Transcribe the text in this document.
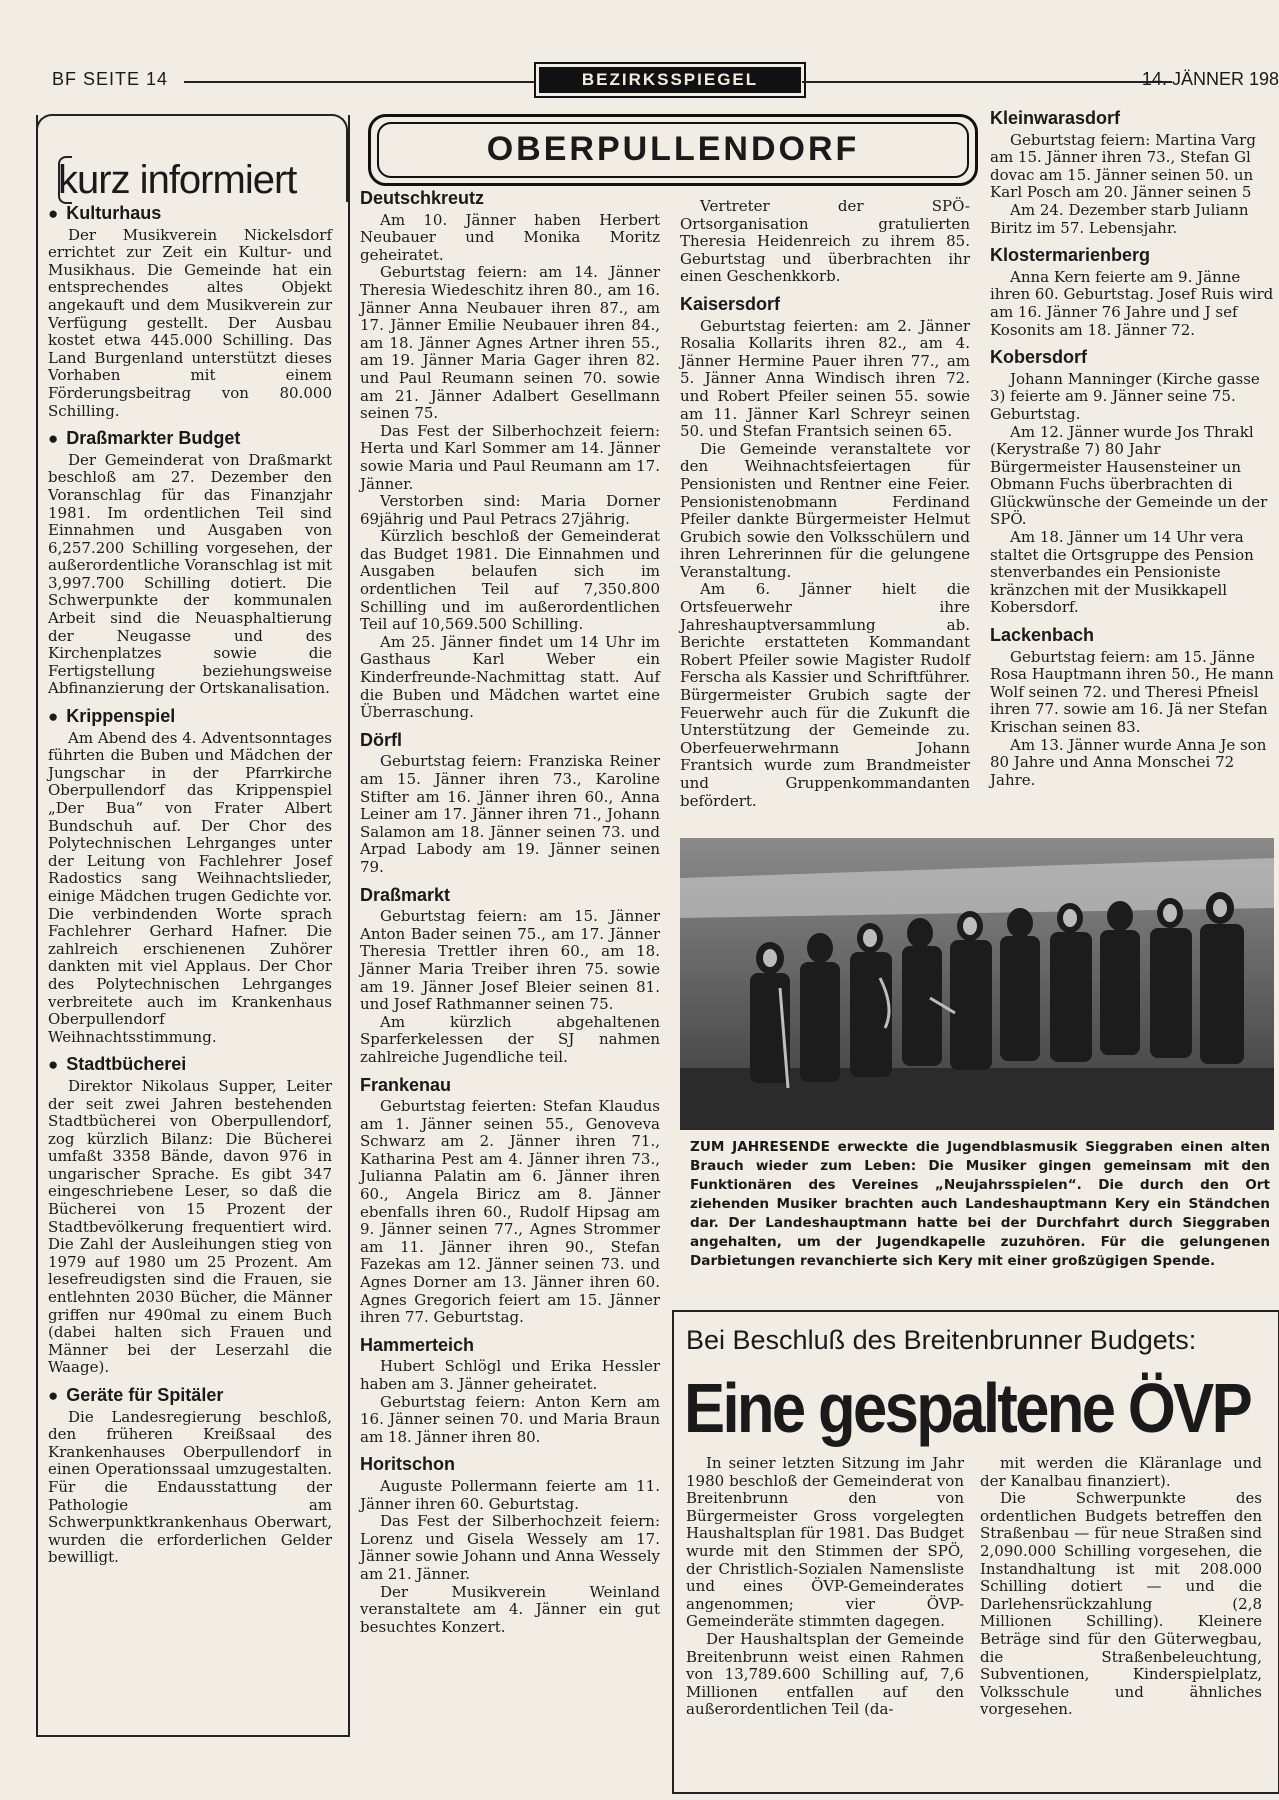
BF SEITE 14	BEZIRKSSPIEGEL	14. JÄNNER 198
kurz informiert
● Kulturhaus

Der Musikverein Nickelsdorf errichtet zur Zeit ein Kultur- und Musikhaus. Die Gemeinde hat ein entsprechendes altes Objekt angekauft und dem Musikverein zur Verfügung gestellt. Der Ausbau kostet etwa 445.000 Schilling. Das Land Burgenland unterstützt dieses Vorhaben mit einem Förderungsbeitrag von 80.000 Schilling.

● Draßmarkter Budget

Der Gemeinderat von Draßmarkt beschloß am 27. Dezember den Voranschlag für das Finanzjahr 1981. Im ordentlichen Teil sind Einnahmen und Ausgaben von 6,257.200 Schilling vorgesehen, der außerordentliche Voranschlag ist mit 3,997.700 Schilling dotiert. Die Schwerpunkte der kommunalen Arbeit sind die Neuasphaltierung der Neugasse und des Kirchenplatzes sowie die Fertigstellung beziehungsweise Abfinanzierung der Ortskanalisation.

● Krippenspiel

Am Abend des 4. Adventsonntages führten die Buben und Mädchen der Jungschar in der Pfarrkirche Oberpullendorf das Krippenspiel „Der Bua“ von Frater Albert Bundschuh auf. Der Chor des Polytechnischen Lehrganges unter der Leitung von Fachlehrer Josef Radostics sang Weihnachtslieder, einige Mädchen trugen Gedichte vor. Die verbindenden Worte sprach Fachlehrer Gerhard Hafner. Die zahlreich erschienenen Zuhörer dankten mit viel Applaus. Der Chor des Polytechnischen Lehrganges verbreitete auch im Krankenhaus Oberpullendorf Weihnachtsstimmung.

● Stadtbücherei

Direktor Nikolaus Supper, Leiter der seit zwei Jahren bestehenden Stadtbücherei von Oberpullendorf, zog kürzlich Bilanz: Die Bücherei umfaßt 3358 Bände, davon 976 in ungarischer Sprache. Es gibt 347 eingeschriebene Leser, so daß die Bücherei von 15 Prozent der Stadtbevölkerung frequentiert wird. Die Zahl der Ausleihungen stieg von 1979 auf 1980 um 25 Prozent. Am lesefreudigsten sind die Frauen, sie entlehnten 2030 Bücher, die Männer griffen nur 490mal zu einem Buch (dabei halten sich Frauen und Männer bei der Leserzahl die Waage).

● Geräte für Spitäler

Die Landesregierung beschloß, den früheren Kreißsaal des Krankenhauses Oberpullendorf in einen Operationssaal umzugestalten. Für die Endausstattung der Pathologie am Schwerpunktkrankenhaus Oberwart, wurden die erforderlichen Gelder bewilligt.

OBERPULLENDORF
Deutschkreutz

Am 10. Jänner haben Herbert Neubauer und Monika Moritz geheiratet.

Geburtstag feiern: am 14. Jänner Theresia Wiedeschitz ihren 80., am 16. Jänner Anna Neubauer ihren 87., am 17. Jänner Emilie Neubauer ihren 84., am 18. Jänner Agnes Artner ihren 55., am 19. Jänner Maria Gager ihren 82. und Paul Reumann seinen 70. sowie am 21. Jänner Adalbert Gesellmann seinen 75.

Das Fest der Silberhochzeit feiern: Herta und Karl Sommer am 14. Jänner sowie Maria und Paul Reumann am 17. Jänner.

Verstorben sind: Maria Dorner 69jährig und Paul Petracs 27jährig.

Kürzlich beschloß der Gemeinderat das Budget 1981. Die Einnahmen und Ausgaben belaufen sich im ordentlichen Teil auf 7,350.800 Schilling und im außerordentlichen Teil auf 10,569.500 Schilling.

Am 25. Jänner findet um 14 Uhr im Gasthaus Karl Weber ein Kinderfreunde-Nachmittag statt. Auf die Buben und Mädchen wartet eine Überraschung.

Dörfl

Geburtstag feiern: Franziska Reiner am 15. Jänner ihren 73., Karoline Stifter am 16. Jänner ihren 60., Anna Leiner am 17. Jänner ihren 71., Johann Salamon am 18. Jänner seinen 73. und Arpad Labody am 19. Jänner seinen 79.

Draßmarkt

Geburtstag feiern: am 15. Jänner Anton Bader seinen 75., am 17. Jänner Theresia Trettler ihren 60., am 18. Jänner Maria Treiber ihren 75. sowie am 19. Jänner Josef Bleier seinen 81. und Josef Rathmanner seinen 75.

Am kürzlich abgehaltenen Sparferkelessen der SJ nahmen zahlreiche Jugendliche teil.

Frankenau

Geburtstag feierten: Stefan Klaudus am 1. Jänner seinen 55., Genoveva Schwarz am 2. Jänner ihren 71., Katharina Pest am 4. Jänner ihren 73., Julianna Palatin am 6. Jänner ihren 60., Angela Biricz am 8. Jänner ebenfalls ihren 60., Rudolf Hipsag am 9. Jänner seinen 77., Agnes Strommer am 11. Jänner ihren 90., Stefan Fazekas am 12. Jänner seinen 73. und Agnes Dorner am 13. Jänner ihren 60. Agnes Gregorich feiert am 15. Jänner ihren 77. Geburtstag.

Hammerteich

Hubert Schlögl und Erika Hessler haben am 3. Jänner geheiratet.

Geburtstag feiern: Anton Kern am 16. Jänner seinen 70. und Maria Braun am 18. Jänner ihren 80.

Horitschon

Auguste Pollermann feierte am 11. Jänner ihren 60. Geburtstag.

Das Fest der Silberhochzeit feiern: Lorenz und Gisela Wessely am 17. Jänner sowie Johann und Anna Wessely am 21. Jänner.

Der Musikverein Weinland veranstaltete am 4. Jänner ein gut besuchtes Konzert.

Vertreter der SPÖ-Ortsorganisation gratulierten Theresia Heidenreich zu ihrem 85. Geburtstag und überbrachten ihr einen Geschenkkorb.

Kaisersdorf

Geburtstag feierten: am 2. Jänner Rosalia Kollarits ihren 82., am 4. Jänner Hermine Pauer ihren 77., am 5. Jänner Anna Windisch ihren 72. und Robert Pfeiler seinen 55. sowie am 11. Jänner Karl Schreyr seinen 50. und Stefan Frantsich seinen 65.

Die Gemeinde veranstaltete vor den Weihnachtsfeiertagen für Pensionisten und Rentner eine Feier. Pensionistenobmann Ferdinand Pfeiler dankte Bürgermeister Helmut Grubich sowie den Volksschülern und ihren Lehrerinnen für die gelungene Veranstaltung.

Am 6. Jänner hielt die Ortsfeuerwehr ihre Jahreshauptversammlung ab. Berichte erstatteten Kommandant Robert Pfeiler sowie Magister Rudolf Ferscha als Kassier und Schriftführer. Bürgermeister Grubich sagte der Feuerwehr auch für die Zukunft die Unterstützung der Gemeinde zu. Oberfeuerwehrmann Johann Frantsich wurde zum Brandmeister und Gruppenkommandanten befördert.

Kleinwarasdorf

Geburtstag feiern: Martina Varg am 15. Jänner ihren 73., Stefan Gl dovac am 15. Jänner seinen 50. un Karl Posch am 20. Jänner seinen 5

Am 24. Dezember starb Juliann Biritz im 57. Lebensjahr.

Klostermarienberg

Anna Kern feierte am 9. Jänne ihren 60. Geburtstag. Josef Ruis wird am 16. Jänner 76 Jahre und J sef Kosonits am 18. Jänner 72.

Kobersdorf

Johann Manninger (Kirche gasse 3) feierte am 9. Jänner seine 75. Geburtstag.

Am 12. Jänner wurde Jos Thrakl (Kerystraße 7) 80 Jahr Bürgermeister Hausensteiner un Obmann Fuchs überbrachten di Glückwünsche der Gemeinde un der SPÖ.

Am 18. Jänner um 14 Uhr vera staltet die Ortsgruppe des Pension stenverbandes ein Pensioniste kränzchen mit der Musikkapell Kobersdorf.

Lackenbach

Geburtstag feiern: am 15. Jänne Rosa Hauptmann ihren 50., He mann Wolf seinen 72. und Theresi Pfneisl ihren 77. sowie am 16. Jä ner Stefan Krischan seinen 83.

Am 13. Jänner wurde Anna Je son 80 Jahre und Anna Monschei 72 Jahre.

ZUM JAHRESENDE erweckte die Jugendblasmusik Sieggraben einen alten Brauch wieder zum Leben: Die Musiker gingen gemeinsam mit den Funktionären des Vereines „Neujahrsspielen“. Die durch den Ort ziehenden Musiker brachten auch Landeshauptmann Kery ein Ständchen dar. Der Landeshauptmann hatte bei der Durchfahrt durch Sieggraben angehalten, um der Jugendkapelle zuzuhören. Für die gelungenen Darbietungen revanchierte sich Kery mit einer großzügigen Spende.
Bei Beschluß des Breitenbrunner Budgets:
Eine gespaltene ÖVP

In seiner letzten Sitzung im Jahr 1980 beschloß der Gemeinderat von Breitenbrunn den von Bürgermeister Gross vorgelegten Haushaltsplan für 1981. Das Budget wurde mit den Stimmen der SPÖ, der Christlich-Sozialen Namensliste und eines ÖVP-Gemeinderates angenommen; vier ÖVP-Gemeinderäte stimmten dagegen.

Der Haushaltsplan der Gemeinde Breitenbrunn weist einen Rahmen von 13,789.600 Schilling auf, 7,6 Millionen entfallen auf den außerordentlichen Teil (da-

mit werden die Kläranlage und der Kanalbau finanziert).

Die Schwerpunkte des ordentlichen Budgets betreffen den Straßenbau — für neue Straßen sind 2,090.000 Schilling vorgesehen, die Instandhaltung ist mit 208.000 Schilling dotiert — und die Darlehensrückzahlung (2,8 Millionen Schilling). Kleinere Beträge sind für den Güterwegbau, die Straßenbeleuchtung, Subventionen, Kinderspielplatz, Volksschule und ähnliches vorgesehen.
